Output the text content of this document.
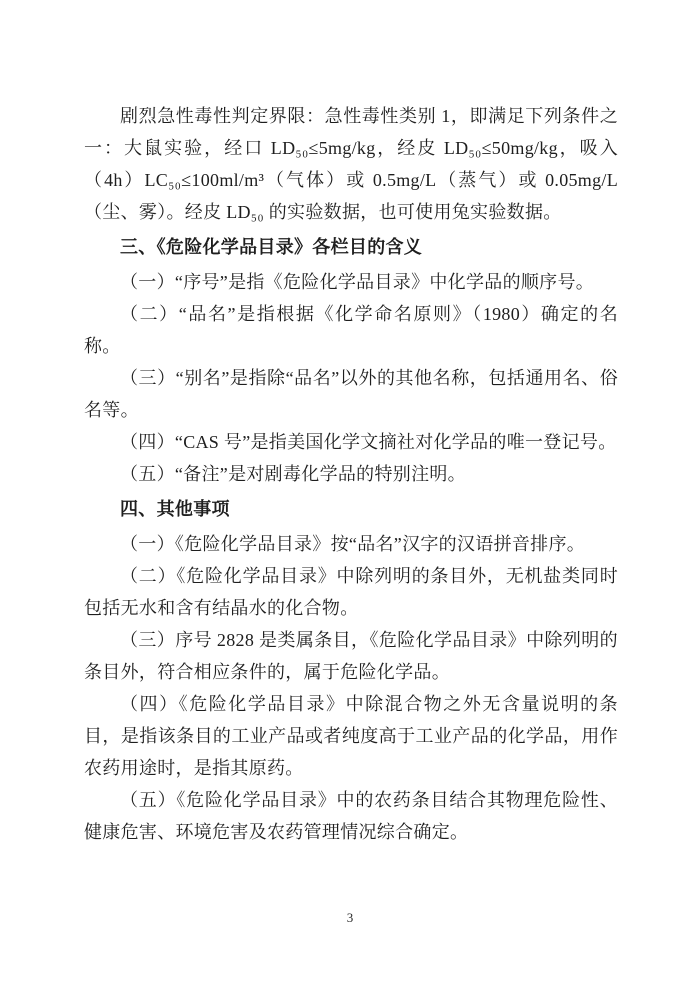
剧烈急性毒性判定界限：急性毒性类别 1，即满足下列条件之一：大鼠实验，经口 LD₅₀≤5mg/kg，经皮 LD₅₀≤50mg/kg，吸入（4h）LC₅₀≤100ml/m³（气体）或 0.5mg/L（蒸气）或 0.05mg/L（尘、雾）。经皮 LD₅₀ 的实验数据，也可使用兔实验数据。

三、《危险化学品目录》各栏目的含义

（一）“序号”是指《危险化学品目录》中化学品的顺序号。

（二）“品名”是指根据《化学命名原则》（1980）确定的名称。

（三）“别名”是指除“品名”以外的其他名称，包括通用名、俗名等。

（四）“CAS 号”是指美国化学文摘社对化学品的唯一登记号。

（五）“备注”是对剧毒化学品的特别注明。

四、其他事项

（一）《危险化学品目录》按“品名”汉字的汉语拼音排序。

（二）《危险化学品目录》中除列明的条目外，无机盐类同时包括无水和含有结晶水的化合物。

（三）序号 2828 是类属条目，《危险化学品目录》中除列明的条目外，符合相应条件的，属于危险化学品。

（四）《危险化学品目录》中除混合物之外无含量说明的条目，是指该条目的工业产品或者纯度高于工业产品的化学品，用作农药用途时，是指其原药。

（五）《危险化学品目录》中的农药条目结合其物理危险性、健康危害、环境危害及农药管理情况综合确定。

3
